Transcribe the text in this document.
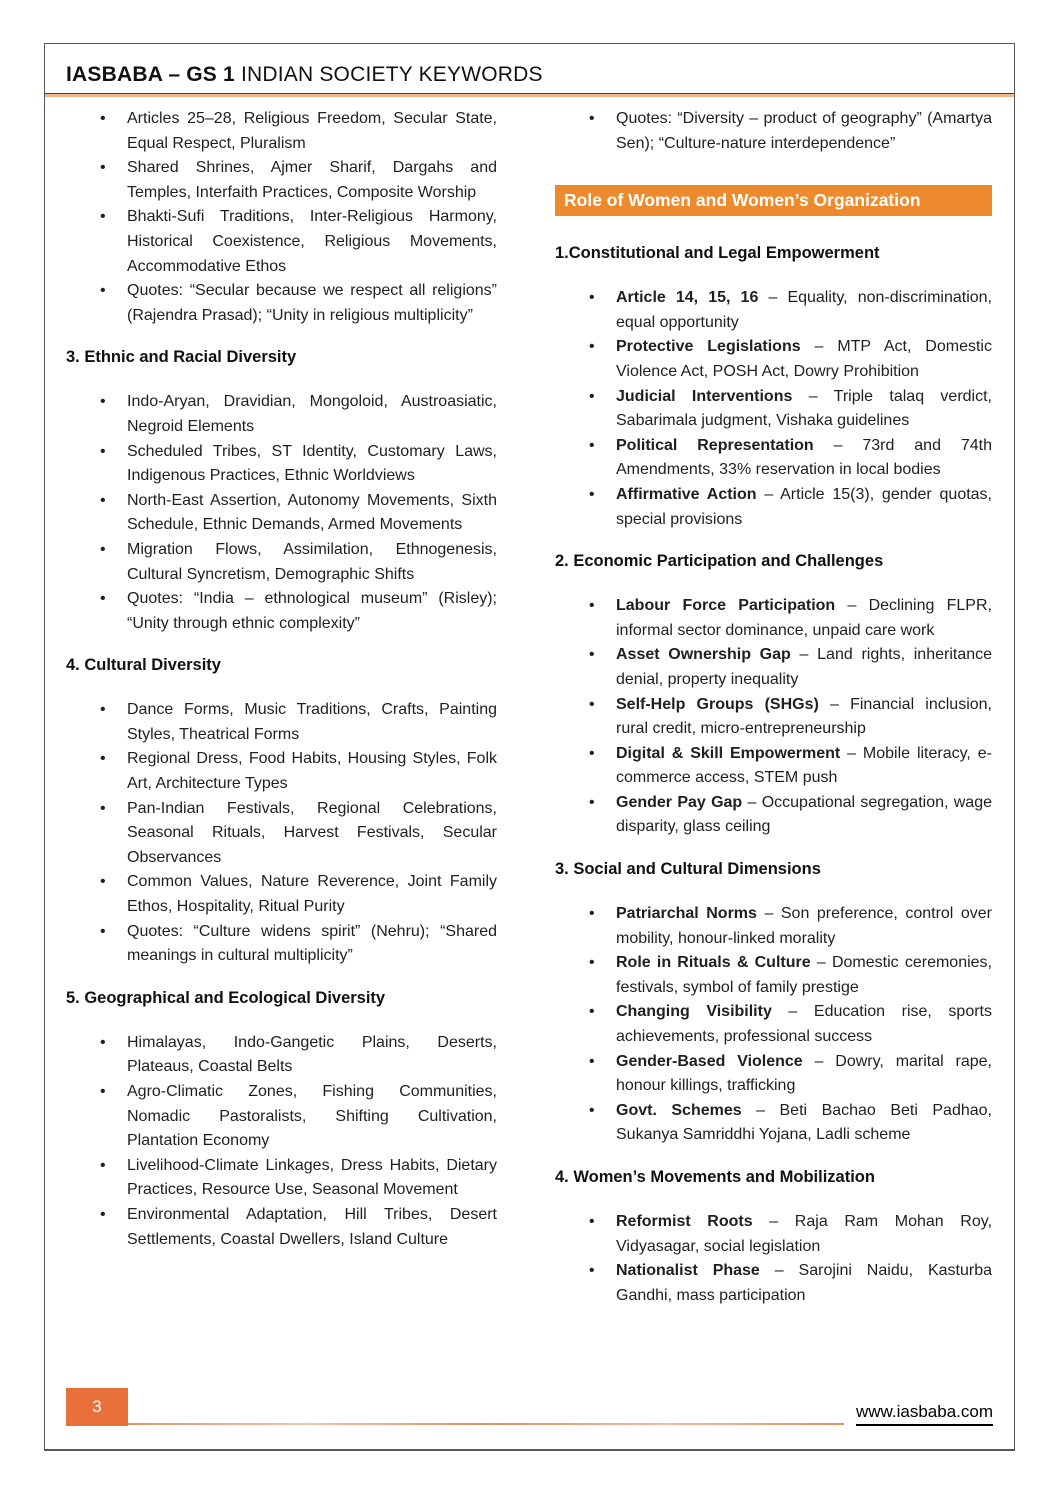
IASBABA – GS 1 INDIAN SOCIETY KEYWORDS
•	Articles 25–28, Religious Freedom, Secular State, Equal Respect, Pluralism
•	Shared Shrines, Ajmer Sharif, Dargahs and Temples, Interfaith Practices, Composite Worship
•	Bhakti-Sufi Traditions, Inter-Religious Harmony, Historical Coexistence, Religious Movements, Accommodative Ethos
•	Quotes: “Secular because we respect all religions” (Rajendra Prasad); “Unity in religious multiplicity”
3. Ethnic and Racial Diversity
•	Indo-Aryan, Dravidian, Mongoloid, Austroasiatic, Negroid Elements
•	Scheduled Tribes, ST Identity, Customary Laws, Indigenous Practices, Ethnic Worldviews
•	North-East Assertion, Autonomy Movements, Sixth Schedule, Ethnic Demands, Armed Movements
•	Migration Flows, Assimilation, Ethnogenesis, Cultural Syncretism, Demographic Shifts
•	Quotes: “India – ethnological museum” (Risley); “Unity through ethnic complexity”
4. Cultural Diversity
•	Dance Forms, Music Traditions, Crafts, Painting Styles, Theatrical Forms
•	Regional Dress, Food Habits, Housing Styles, Folk Art, Architecture Types
•	Pan-Indian Festivals, Regional Celebrations, Seasonal Rituals, Harvest Festivals, Secular Observances
•	Common Values, Nature Reverence, Joint Family Ethos, Hospitality, Ritual Purity
•	Quotes: “Culture widens spirit” (Nehru); “Shared meanings in cultural multiplicity”
5. Geographical and Ecological Diversity
•	Himalayas, Indo-Gangetic Plains, Deserts, Plateaus, Coastal Belts
•	Agro-Climatic Zones, Fishing Communities, Nomadic Pastoralists, Shifting Cultivation, Plantation Economy
•	Livelihood-Climate Linkages, Dress Habits, Dietary Practices, Resource Use, Seasonal Movement
•	Environmental Adaptation, Hill Tribes, Desert Settlements, Coastal Dwellers, Island Culture
•	Quotes: “Diversity – product of geography” (Amartya Sen); “Culture-nature interdependence”
Role of Women and Women’s Organization
1.Constitutional and Legal Empowerment
•	Article 14, 15, 16 – Equality, non-discrimination, equal opportunity
•	Protective Legislations – MTP Act, Domestic Violence Act, POSH Act, Dowry Prohibition
•	Judicial Interventions – Triple talaq verdict, Sabarimala judgment, Vishaka guidelines
•	Political Representation – 73rd and 74th Amendments, 33% reservation in local bodies
•	Affirmative Action – Article 15(3), gender quotas, special provisions
2. Economic Participation and Challenges
•	Labour Force Participation – Declining FLPR, informal sector dominance, unpaid care work
•	Asset Ownership Gap – Land rights, inheritance denial, property inequality
•	Self-Help Groups (SHGs) – Financial inclusion, rural credit, micro-entrepreneurship
•	Digital & Skill Empowerment – Mobile literacy, e-commerce access, STEM push
•	Gender Pay Gap – Occupational segregation, wage disparity, glass ceiling
3. Social and Cultural Dimensions
•	Patriarchal Norms – Son preference, control over mobility, honour-linked morality
•	Role in Rituals & Culture – Domestic ceremonies, festivals, symbol of family prestige
•	Changing Visibility – Education rise, sports achievements, professional success
•	Gender-Based Violence – Dowry, marital rape, honour killings, trafficking
•	Govt. Schemes – Beti Bachao Beti Padhao, Sukanya Samriddhi Yojana, Ladli scheme
4. Women’s Movements and Mobilization
•	Reformist Roots – Raja Ram Mohan Roy, Vidyasagar, social legislation
•	Nationalist Phase – Sarojini Naidu, Kasturba Gandhi, mass participation
3	www.iasbaba.com
